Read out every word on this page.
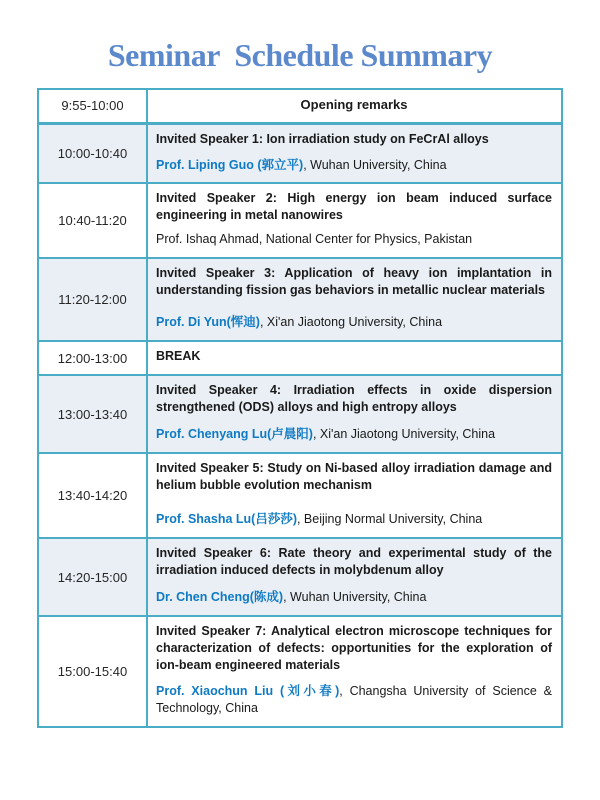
Seminar  Schedule Summary
9:55-10:00	Opening remarks

10:00-10:40	Invited Speaker 1: Ion irradiation study on FeCrAl alloys

Prof. Liping Guo (郭立平), Wuhan University, China

10:40-11:20	Invited Speaker 2: High energy ion beam induced surface engineering in metal nanowires

Prof. Ishaq Ahmad, National Center for Physics, Pakistan

11:20-12:00	Invited Speaker 3: Application of heavy ion implantation in understanding fission gas behaviors in metallic nuclear materials

Prof. Di Yun(恽迪), Xi'an Jiaotong University, China

12:00-13:00	BREAK

13:00-13:40	Invited Speaker 4: Irradiation effects in oxide dispersion strengthened (ODS) alloys and high entropy alloys

Prof. Chenyang Lu(卢晨阳), Xi'an Jiaotong University, China

13:40-14:20	Invited Speaker 5: Study on Ni-based alloy irradiation damage and helium bubble evolution mechanism

Prof. Shasha Lu(吕莎莎), Beijing Normal University, China

14:20-15:00	Invited Speaker 6: Rate theory and experimental study of the irradiation induced defects in molybdenum alloy

Dr. Chen Cheng(陈成), Wuhan University, China

15:00-15:40	Invited Speaker 7: Analytical electron microscope techniques for characterization of defects: opportunities for the exploration of ion-beam engineered materials

Prof. Xiaochun Liu (刘小春), Changsha University of Science & Technology, China
